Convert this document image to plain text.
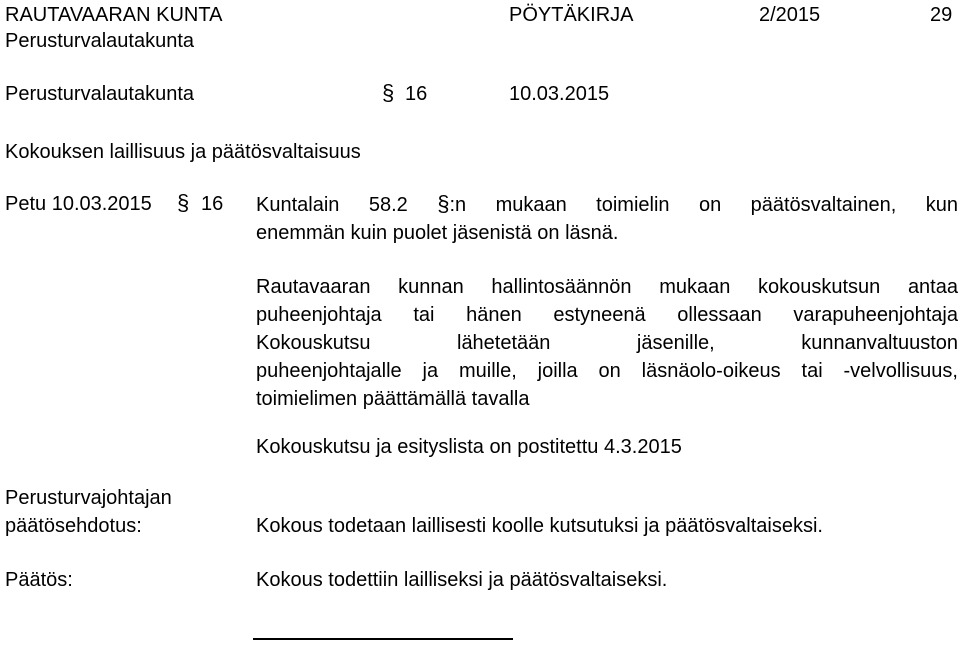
RAUTAVAARAN KUNTA	PÖYTÄKIRJA	2/2015	29
Perusturvalautakunta
Perusturvalautakunta	§ 16	10.03.2015
Kokouksen laillisuus ja päätösvaltaisuus
Petu 10.03.2015 § 16 Kuntalain 58.2 §:n mukaan toimielin on päätösvaltainen, kun
enemmän kuin puolet jäsenistä on läsnä.
Rautavaaran kunnan hallintosäännön mukaan kokouskutsun antaa
puheenjohtaja tai hänen estyneenä ollessaan varapuheenjohtaja
Kokouskutsu lähetetään jäsenille, kunnanvaltuuston
puheenjohtajalle ja muille, joilla on läsnäolo-oikeus tai -velvollisuus,
toimielimen päättämällä tavalla
Kokouskutsu ja esityslista on postitettu 4.3.2015
Perusturvajohtajan
päätösehdotus:	Kokous todetaan laillisesti koolle kutsutuksi ja päätösvaltaiseksi.
Päätös:	Kokous todettiin lailliseksi ja päätösvaltaiseksi.
